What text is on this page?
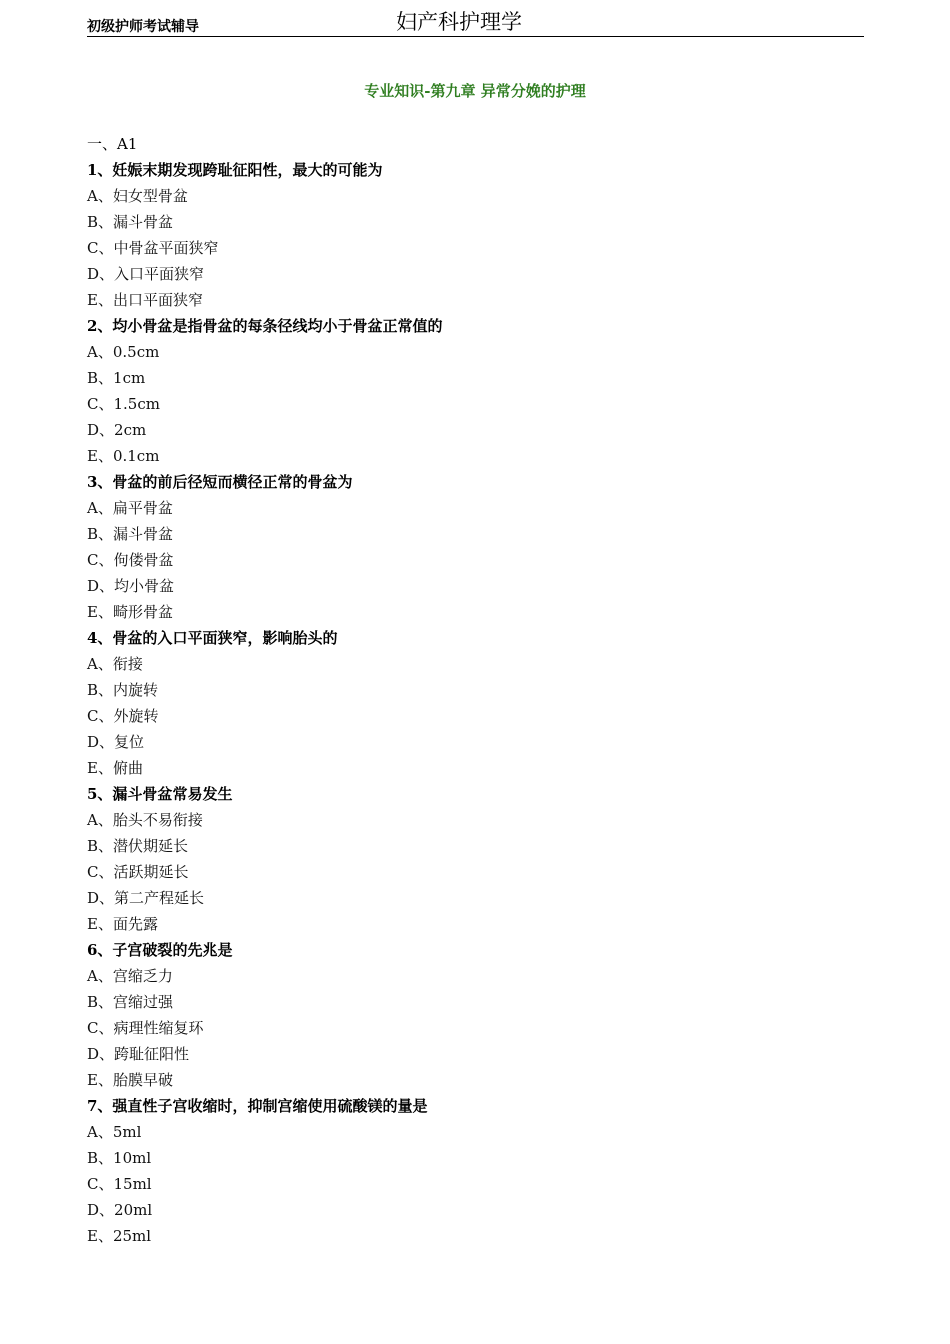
初级护师考试辅导	妇产科护理学
专业知识-第九章 异常分娩的护理
一、A1
1、妊娠末期发现跨耻征阳性，最大的可能为
A、妇女型骨盆
B、漏斗骨盆
C、中骨盆平面狭窄
D、入口平面狭窄
E、出口平面狭窄
2、均小骨盆是指骨盆的每条径线均小于骨盆正常值的
A、0.5cm
B、1cm
C、1.5cm
D、2cm
E、0.1cm
3、骨盆的前后径短而横径正常的骨盆为
A、扁平骨盆
B、漏斗骨盆
C、佝偻骨盆
D、均小骨盆
E、畸形骨盆
4、骨盆的入口平面狭窄，影响胎头的
A、衔接
B、内旋转
C、外旋转
D、复位
E、俯曲
5、漏斗骨盆常易发生
A、胎头不易衔接
B、潜伏期延长
C、活跃期延长
D、第二产程延长
E、面先露
6、子宫破裂的先兆是
A、宫缩乏力
B、宫缩过强
C、病理性缩复环
D、跨耻征阳性
E、胎膜早破
7、强直性子宫收缩时，抑制宫缩使用硫酸镁的量是
A、5ml
B、10ml
C、15ml
D、20ml
E、25ml
